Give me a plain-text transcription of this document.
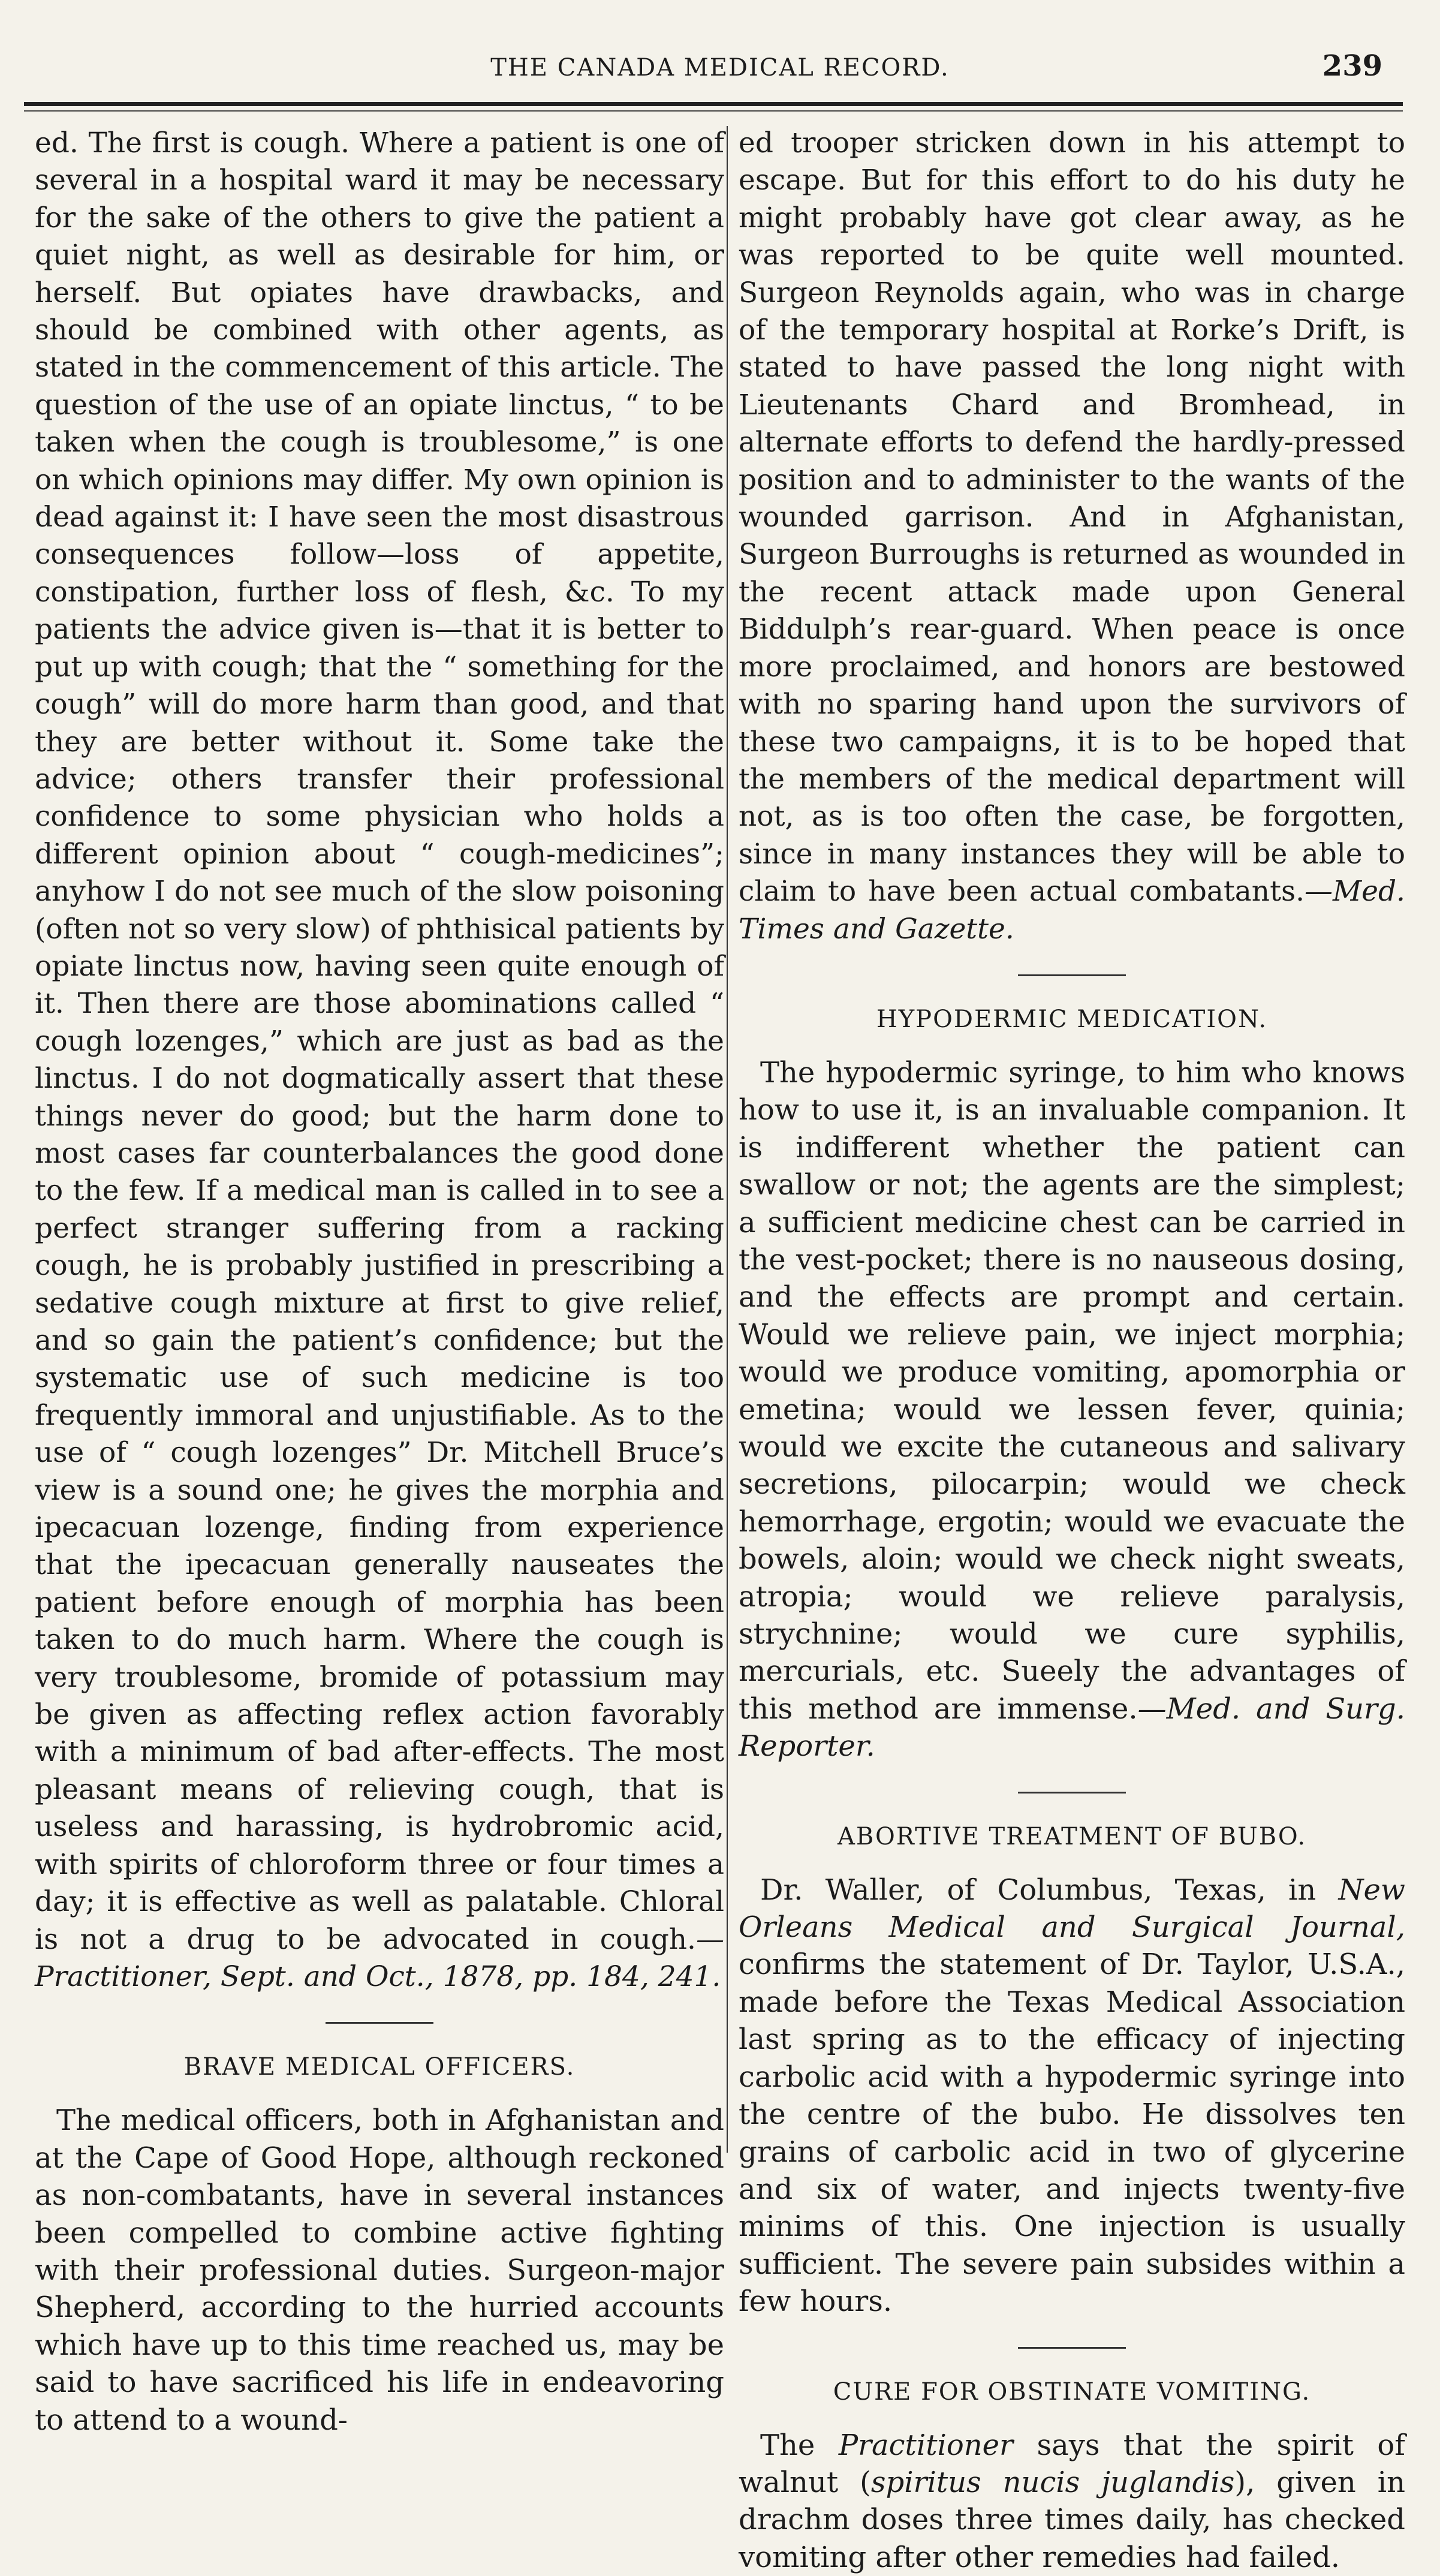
THE CANADA MEDICAL RECORD.	239

ed. The first is cough. Where a patient is one of several in a hospital ward it may be necessary for the sake of the others to give the patient a quiet night, as well as desirable for him, or herself. But opiates have drawbacks, and should be combined with other agents, as stated in the commencement of this article. The question of the use of an opiate linctus, “ to be taken when the cough is troublesome,” is one on which opinions may differ. My own opinion is dead against it: I have seen the most disastrous consequences follow—loss of appetite, constipation, further loss of flesh, &c. To my patients the advice given is—that it is better to put up with cough; that the “ something for the cough” will do more harm than good, and that they are better without it. Some take the advice; others transfer their professional confidence to some physician who holds a different opinion about “ cough-medicines”; anyhow I do not see much of the slow poisoning (often not so very slow) of phthisical patients by opiate linctus now, having seen quite enough of it. Then there are those abominations called “ cough lozenges,” which are just as bad as the linctus. I do not dogmatically assert that these things never do good; but the harm done to most cases far counterbalances the good done to the few. If a medical man is called in to see a perfect stranger suffering from a racking cough, he is probably justified in prescribing a sedative cough mixture at first to give relief, and so gain the patient’s confidence; but the systematic use of such medicine is too frequently immoral and unjustifiable. As to the use of “ cough lozenges” Dr. Mitchell Bruce’s view is a sound one; he gives the morphia and ipecacuan lozenge, finding from experience that the ipecacuan generally nauseates the patient before enough of morphia has been taken to do much harm. Where the cough is very troublesome, bromide of potassium may be given as affecting reflex action favorably with a minimum of bad after-effects. The most pleasant means of relieving cough, that is useless and harassing, is hydrobromic acid, with spirits of chloroform three or four times a day; it is effective as well as palatable. Chloral is not a drug to be advocated in cough.—Practitioner, Sept. and Oct., 1878, pp. 184, 241.

BRAVE MEDICAL OFFICERS.

The medical officers, both in Afghanistan and at the Cape of Good Hope, although reckoned as non-combatants, have in several instances been compelled to combine active fighting with their professional duties. Surgeon-major Shepherd, according to the hurried accounts which have up to this time reached us, may be said to have sacrificed his life in endeavoring to attend to a wound-

ed trooper stricken down in his attempt to escape. But for this effort to do his duty he might probably have got clear away, as he was reported to be quite well mounted. Surgeon Reynolds again, who was in charge of the temporary hospital at Rorke’s Drift, is stated to have passed the long night with Lieutenants Chard and Bromhead, in alternate efforts to defend the hardly-pressed position and to administer to the wants of the wounded garrison. And in Afghanistan, Surgeon Burroughs is returned as wounded in the recent attack made upon General Biddulph’s rear-guard. When peace is once more proclaimed, and honors are bestowed with no sparing hand upon the survivors of these two campaigns, it is to be hoped that the members of the medical department will not, as is too often the case, be forgotten, since in many instances they will be able to claim to have been actual combatants.—Med. Times and Gazette.

HYPODERMIC MEDICATION.

The hypodermic syringe, to him who knows how to use it, is an invaluable companion. It is indifferent whether the patient can swallow or not; the agents are the simplest; a sufficient medicine chest can be carried in the vest-pocket; there is no nauseous dosing, and the effects are prompt and certain. Would we relieve pain, we inject morphia; would we produce vomiting, apomorphia or emetina; would we lessen fever, quinia; would we excite the cutaneous and salivary secretions, pilocarpin; would we check hemorrhage, ergotin; would we evacuate the bowels, aloin; would we check night sweats, atropia; would we relieve paralysis, strychnine; would we cure syphilis, mercurials, etc. Suеely the advantages of this method are immense.—Med. and Surg. Reporter.

ABORTIVE TREATMENT OF BUBO.

Dr. Waller, of Columbus, Texas, in New Orleans Medical and Surgical Journal, confirms the statement of Dr. Taylor, U.S.A., made before the Texas Medical Association last spring as to the efficacy of injecting carbolic acid with a hypodermic syringe into the centre of the bubo. He dissolves ten grains of carbolic acid in two of glycerine and six of water, and injects twenty-five minims of this. One injection is usually sufficient. The severe pain subsides within a few hours.

CURE FOR OBSTINATE VOMITING.

The Practitioner says that the spirit of walnut (spiritus nucis juglandis), given in drachm doses three times daily, has checked vomiting after other remedies had failed.
